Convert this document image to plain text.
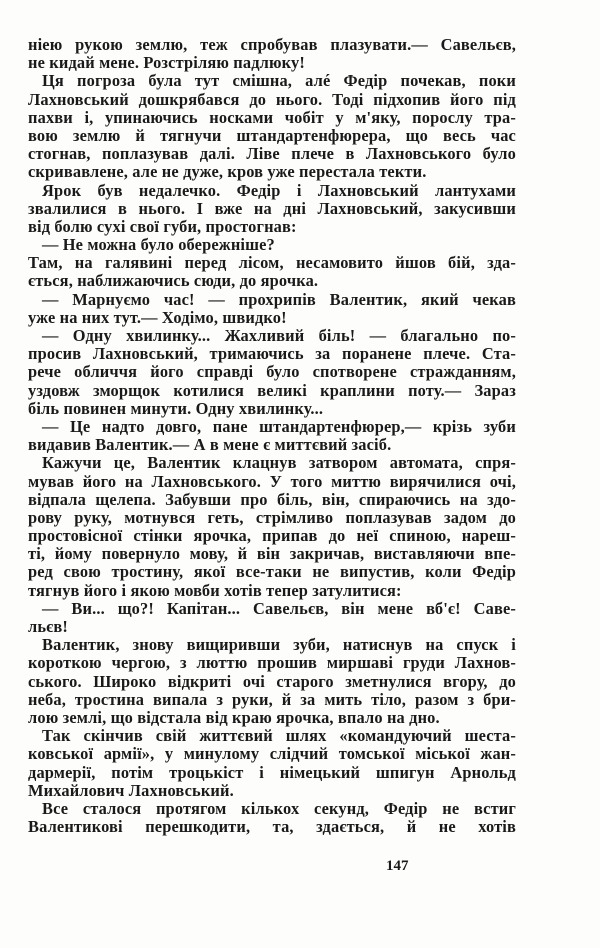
ніею рукою землю, теж спробував плазувати.— Савельєв,
не кидай мене. Розстріляю падлюку!
Ця погроза була тут смішна, алé Федір почекав, поки
Лахновський дошкрябався до нього. Тоді підхопив його під
пахви і, упинаючись носками чобіт у м'яку, порослу тра-
вою землю й тягнучи штандартенфюрера, що весь час
стогнав, поплазував далі. Ліве плече в Лахновського було
скривавлене, але не дуже, кров уже перестала текти.
Ярок був недалечко. Федір і Лахновський лантухами
звалилися в нього. І вже на дні Лахновський, закусивши
від болю сухі свої губи, простогнав:
— Не можна було обережніше?
Там, на галявині перед лісом, несамовито йшов бій, зда-
ється, наближаючись сюди, до ярочка.
— Марнуємо час! — прохрипів Валентик, який чекав
уже на них тут.— Ходімо, швидко!
— Одну хвилинку... Жахливий біль! — благально по-
просив Лахновський, тримаючись за поранене плече. Ста-
рече обличчя його справді було спотворене стражданням,
уздовж зморщок котилися великі краплини поту.— Зараз
біль повинен минути. Одну хвилинку...
— Це надто довго, пане штандартенфюрер,— крізь зуби
видавив Валентик.— А в мене є миттєвий засіб.
Кажучи це, Валентик клацнув затвором автомата, спря-
мував його на Лахновського. У того миттю вирячилися очі,
відпала щелепа. Забувши про біль, він, спираючись на здо-
рову руку, мотнувся геть, стрімливо поплазував задом до
простовісної стінки ярочка, припав до неї спиною, нареш-
ті, йому повернуло мову, й він закричав, виставляючи впе-
ред свою тростину, якої все-таки не випустив, коли Федір
тягнув його і якою мовби хотів тепер затулитися:
— Ви... що?! Капітан... Савельєв, він мене вб'є! Саве-
льєв!
Валентик, знову вищиривши зуби, натиснув на спуск і
короткою чергою, з люттю прошив миршаві груди Лахнов-
ського. Широко відкриті очі старого зметнулися вгору, до
неба, тростина випала з руки, й за мить тіло, разом з бри-
лою землі, що відстала від краю ярочка, впало на дно.
Так скінчив свій життєвий шлях «командуючий шеста-
ковської армії», у минулому слідчий томської міської жан-
дармерії, потім троцькіст і німецький шпигун Арнольд
Михайлович Лахновський.
Все сталося протягом кількох секунд, Федір не встиг
Валентикові перешкодити, та, здається, й не хотів
147
